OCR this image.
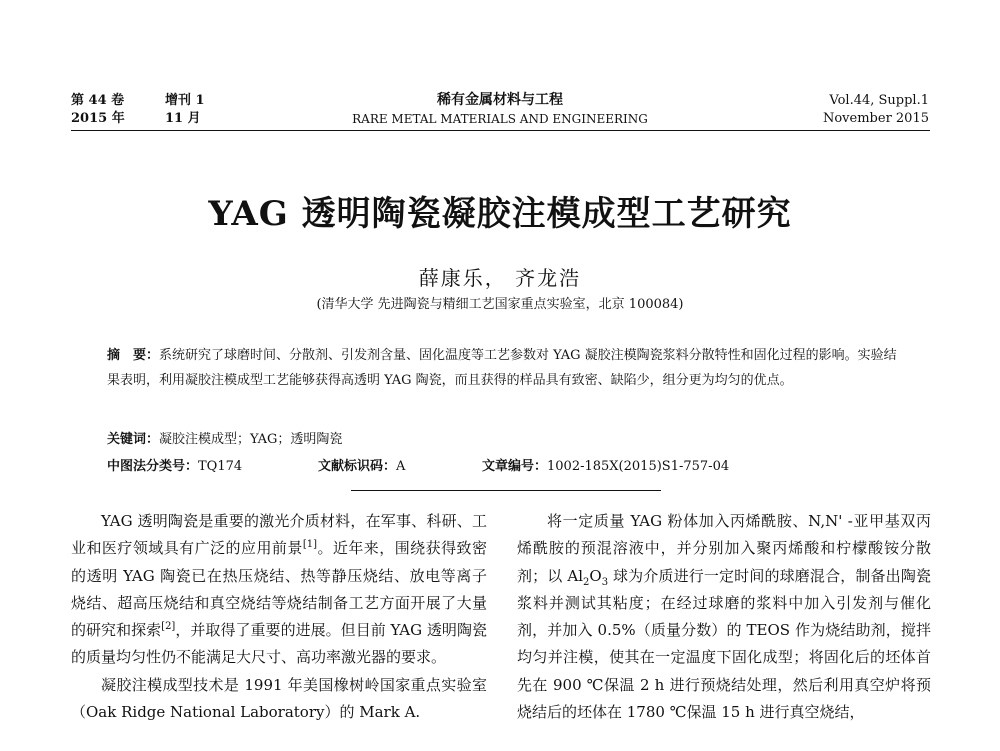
第 44 卷	增刊 1
2015 年	11 月
稀有金属材料与工程
RARE METAL MATERIALS AND ENGINEERING
Vol.44, Suppl.1
November 2015
YAG 透明陶瓷凝胶注模成型工艺研究
薛康乐， 齐龙浩
(清华大学 先进陶瓷与精细工艺国家重点实验室，北京 100084)
摘　要：系统研究了球磨时间、分散剂、引发剂含量、固化温度等工艺参数对 YAG 凝胶注模陶瓷浆料分散特性和固化过程的影响。实验结果表明，利用凝胶注模成型工艺能够获得高透明 YAG 陶瓷，而且获得的样品具有致密、缺陷少，组分更为均匀的优点。
关键词：凝胶注模成型；YAG；透明陶瓷
中图法分类号：TQ174	文献标识码：A	文章编号：1002-185X(2015)S1-757-04

YAG 透明陶瓷是重要的激光介质材料，在军事、科研、工业和医疗领域具有广泛的应用前景[1]。近年来，围绕获得致密的透明 YAG 陶瓷已在热压烧结、热等静压烧结、放电等离子烧结、超高压烧结和真空烧结等烧结制备工艺方面开展了大量的研究和探索[2]，并取得了重要的进展。但目前 YAG 透明陶瓷的质量均匀性仍不能满足大尺寸、高功率激光器的要求。

凝胶注模成型技术是 1991 年美国橡树岭国家重点实验室（Oak Ridge National Laboratory）的 Mark A.

将一定质量 YAG 粉体加入丙烯酰胺、N,N' -亚甲基双丙烯酰胺的预混溶液中，并分别加入聚丙烯酸和柠檬酸铵分散剂；以 $Al_2O_3$ 球为介质进行一定时间的球磨混合，制备出陶瓷浆料并测试其粘度；在经过球磨的浆料中加入引发剂与催化剂，并加入 0.5%（质量分数）的 TEOS 作为烧结助剂，搅拌均匀并注模，使其在一定温度下固化成型；将固化后的坯体首先在 900 ℃保温 2 h 进行预烧结处理，然后利用真空炉将预烧结后的坯体在 1780 ℃保温 15 h 进行真空烧结，
